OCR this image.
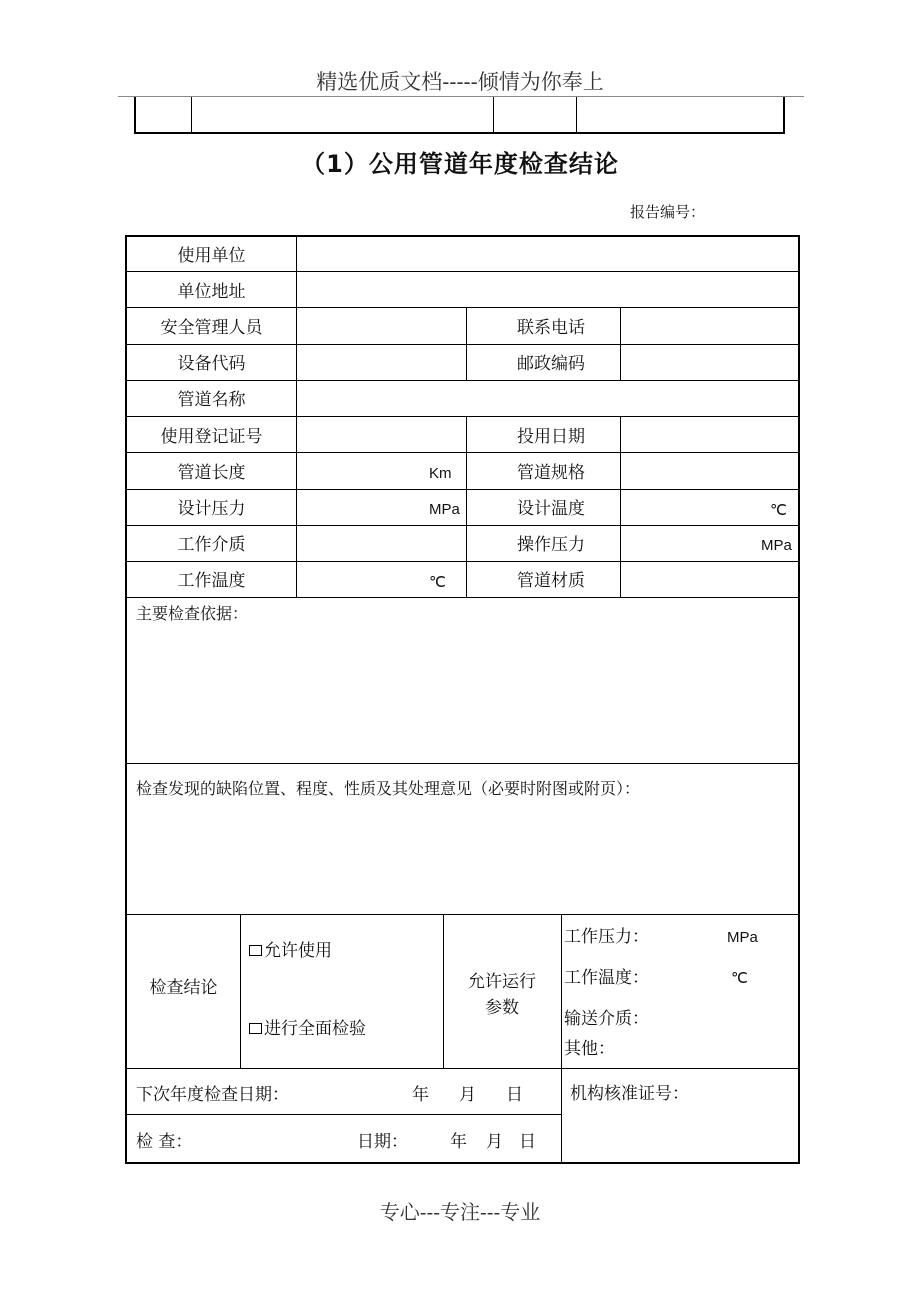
精选优质文档-----倾情为你奉上
（1）公用管道年度检查结论
报告编号：
使用单位
单位地址
安全管理人员	联系电话
设备代码	邮政编码
管道名称
使用登记证号	投用日期
管道长度	Km	管道规格
设计压力	MPa	设计温度	℃
工作介质	操作压力	MPa
工作温度	℃	管道材质
主要检查依据：
检查发现的缺陷位置、程度、性质及其处理意见（必要时附图或附页）：
检查结论
允许使用
进行全面检验
允许运行
参数
工作压力：	MPa
工作温度：	℃
输送介质：
其他：
下次年度检查日期：	年 月 日	机构核准证号：
检 查：	日期： 年 月 日
专心---专注---专业
